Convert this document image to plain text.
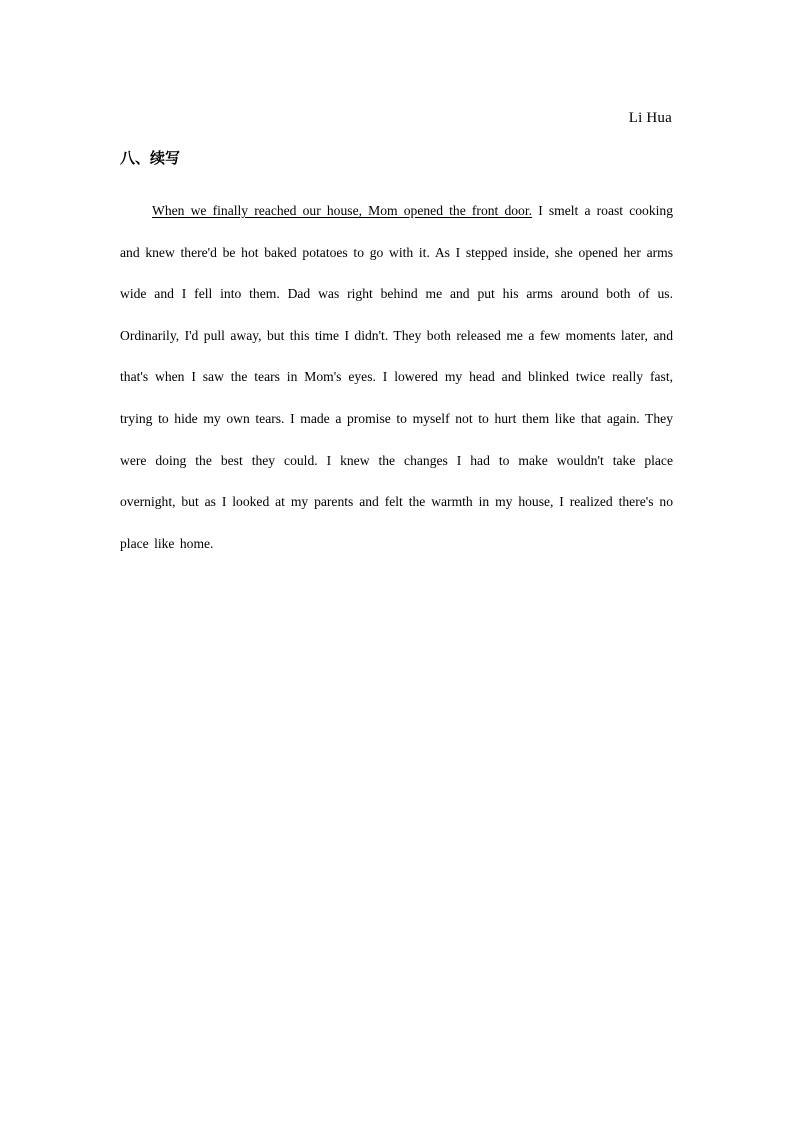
Li Hua
八、续写

When we finally reached our house, Mom opened the front door. I smelt a roast cooking and knew there'd be hot baked potatoes to go with it. As I stepped inside, she opened her arms wide and I fell into them. Dad was right behind me and put his arms around both of us. Ordinarily, I'd pull away, but this time I didn't. They both released me a few moments later, and that's when I saw the tears in Mom's eyes. I lowered my head and blinked twice really fast, trying to hide my own tears. I made a promise to myself not to hurt them like that again. They were doing the best they could. I knew the changes I had to make wouldn't take place overnight, but as I looked at my parents and felt the warmth in my house, I realized there's no place like home.
